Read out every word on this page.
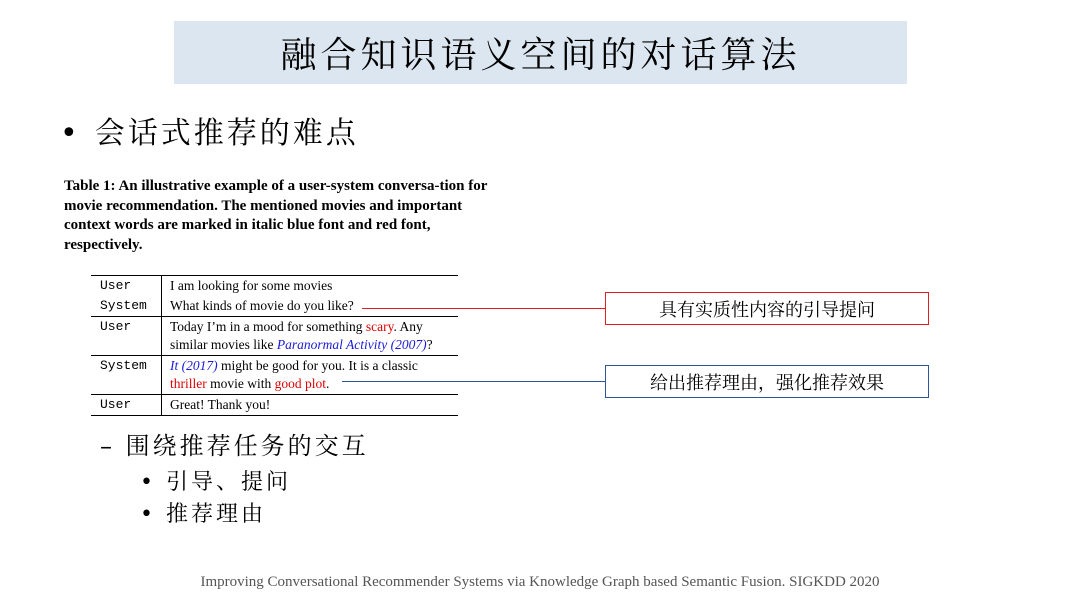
融合知识语义空间的对话算法
• 会话式推荐的难点
Table 1: An illustrative example of a user-system conversa-tion for movie recommendation. The mentioned movies and important context words are marked in italic blue font and red font, respectively.
User	I am looking for some movies
System	What kinds of movie do you like?
User	Today I’m in a mood for something scary. Any
similar movies like Paranormal Activity (2007)?
System	It (2017) might be good for you. It is a classic
thriller movie with good plot.
User	Great! Thank you!
具有实质性内容的引导提问
给出推荐理由，强化推荐效果
– 围绕推荐任务的交互
• 引导、提问
• 推荐理由
Improving Conversational Recommender Systems via Knowledge Graph based Semantic Fusion. SIGKDD 2020
